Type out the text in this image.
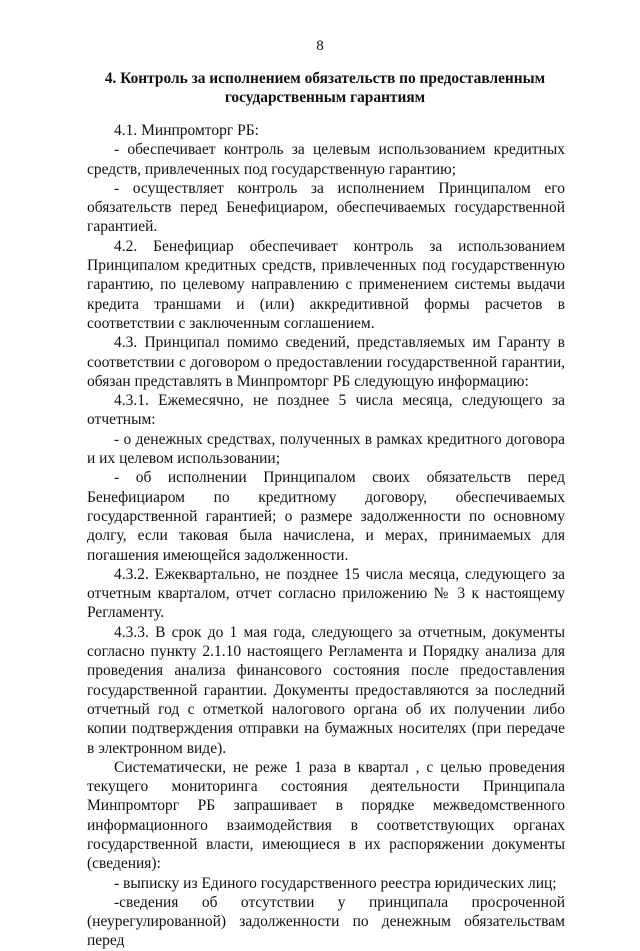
8
4. Контроль за исполнением обязательств по предоставленным государственным гарантиям

4.1. Минпромторг РБ:

- обеспечивает контроль за целевым использованием кредитных средств, привлеченных под государственную гарантию;

- осуществляет контроль за исполнением Принципалом его обязательств перед Бенефициаром, обеспечиваемых государственной гарантией.

4.2. Бенефициар обеспечивает контроль за использованием Принципалом кредитных средств, привлеченных под государственную гарантию, по целевому направлению с применением системы выдачи кредита траншами и (или) аккредитивной формы расчетов в соответствии с заключенным соглашением.

4.3. Принципал помимо сведений, представляемых им Гаранту в соответствии с договором о предоставлении государственной гарантии, обязан представлять в Минпромторг РБ следующую информацию:

4.3.1. Ежемесячно, не позднее 5 числа месяца, следующего за отчетным:

- о денежных средствах, полученных в рамках кредитного договора и их целевом использовании;

- об исполнении Принципалом своих обязательств перед Бенефициаром по кредитному договору, обеспечиваемых государственной гарантией; о размере задолженности по основному долгу, если таковая была начислена, и мерах, принимаемых для погашения имеющейся задолженности.

4.3.2. Ежеквартально, не позднее 15 числа месяца, следующего за отчетным кварталом, отчет согласно приложению № 3 к настоящему Регламенту.

4.3.3. В срок до 1 мая года, следующего за отчетным, документы согласно пункту 2.1.10 настоящего Регламента и Порядку анализа для проведения анализа финансового состояния после предоставления государственной гарантии. Документы предоставляются за последний отчетный год с отметкой налогового органа об их получении либо копии подтверждения отправки на бумажных носителях (при передаче в электронном виде).

Систематически, не реже 1 раза в квартал , с целью проведения текущего мониторинга состояния деятельности Принципала Минпромторг РБ запрашивает в порядке межведомственного информационного взаимодействия в соответствующих органах государственной власти, имеющиеся в их распоряжении документы (сведения):

- выписку из Единого государственного реестра юридических лиц;

-сведения об отсутствии у принципала просроченной (неурегулированной) задолженности по денежным обязательствам перед
